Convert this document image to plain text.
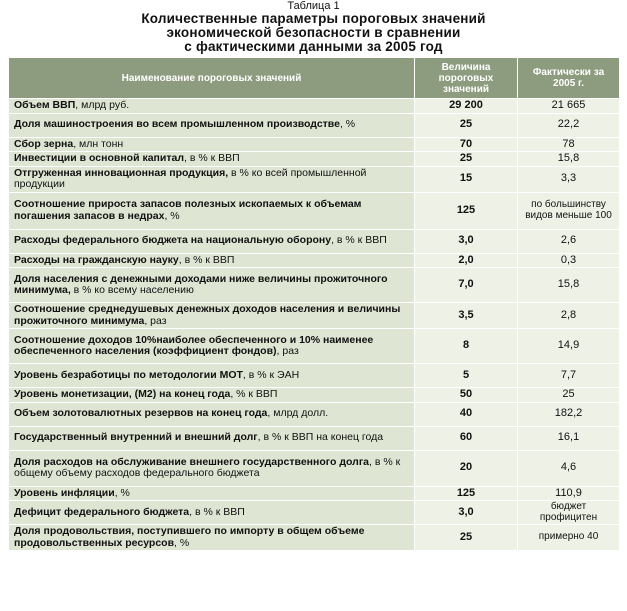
Таблица 1
Количественные параметры пороговых значений
экономической безопасности в сравнении
с фактическими данными за 2005 год
Наименование пороговых значений	Величина пороговых значений	Фактически за 2005 г.
Объем ВВП, млрд руб.	29 200	21 665
Доля машиностроения во всем промышленном производстве, %	25	22,2
Сбор зерна, млн тонн	70	78
Инвестиции в основной капитал, в % к ВВП	25	15,8
Отгруженная инновационная продукция, в % ко всей промышленной продукции	15	3,3
Соотношение прироста запасов полезных ископаемых к объемам погашения запасов в недрах, %	125	по большинству видов меньше 100
Расходы федерального бюджета на национальную оборону, в % к ВВП	3,0	2,6
Расходы на гражданскую науку, в % к ВВП	2,0	0,3
Доля населения с денежными доходами ниже величины прожиточного минимума, в % ко всему населению	7,0	15,8
Соотношение среднедушевых денежных доходов населения и величины прожиточного минимума, раз	3,5	2,8
Соотношение доходов 10%наиболее обеспеченного и 10% наименее обеспеченного населения (коэффициент фондов), раз	8	14,9
Уровень безработицы по методологии МОТ, в % к ЭАН	5	7,7
Уровень монетизации, (М2) на конец года, % к ВВП	50	25
Объем золотовалютных резервов на конец года, млрд долл.	40	182,2
Государственный внутренний и внешний долг, в % к ВВП на конец года	60	16,1
Доля расходов на обслуживание внешнего государственного долга, в % к общему объему расходов федерального бюджета	20	4,6
Уровень инфляции, %	125	110,9
Дефицит федерального бюджета, в % к ВВП	3,0	бюджет профицитен
Доля продовольствия, поступившего по импорту в общем объеме продовольственных ресурсов, %	25	примерно 40
